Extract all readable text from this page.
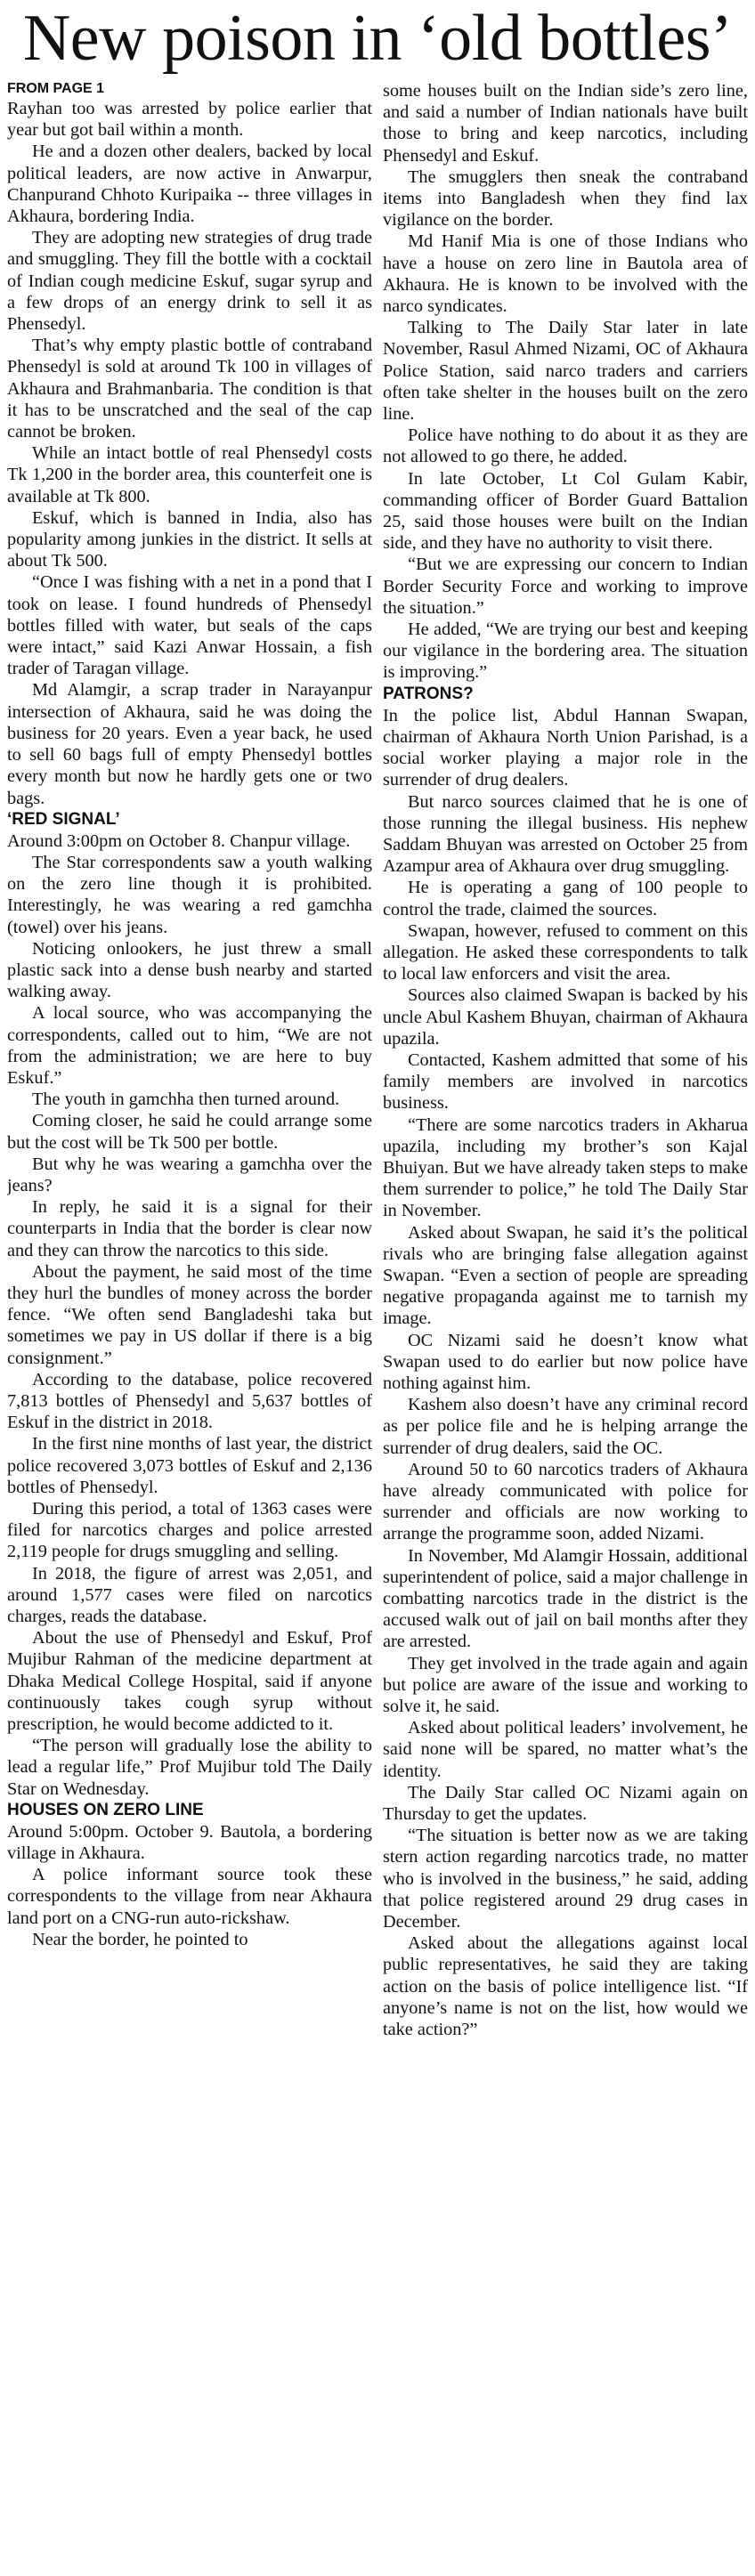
New poison in ‘old bottles’
FROM PAGE 1

Rayhan too was arrested by police earlier that year but got bail within a month.

He and a dozen other dealers, backed by local political leaders, are now active in Anwarpur, Chanpurand Chhoto Kuripaika -- three villages in Akhaura, bordering India.

They are adopting new strategies of drug trade and smuggling. They fill the bottle with a cocktail of Indian cough medicine Eskuf, sugar syrup and a few drops of an energy drink to sell it as Phensedyl.

That’s why empty plastic bottle of contraband Phensedyl is sold at around Tk 100 in villages of Akhaura and Brahmanbaria. The condition is that it has to be unscratched and the seal of the cap cannot be broken.

While an intact bottle of real Phensedyl costs Tk 1,200 in the border area, this counterfeit one is available at Tk 800.

Eskuf, which is banned in India, also has popularity among junkies in the district. It sells at about Tk 500.

“Once I was fishing with a net in a pond that I took on lease. I found hundreds of Phensedyl bottles filled with water, but seals of the caps were intact,” said Kazi Anwar Hossain, a fish trader of Taragan village.

Md Alamgir, a scrap trader in Narayanpur intersection of Akhaura, said he was doing the business for 20 years. Even a year back, he used to sell 60 bags full of empty Phensedyl bottles every month but now he hardly gets one or two bags.

‘RED SIGNAL’

Around 3:00pm on October 8. Chanpur village.

The Star correspondents saw a youth walking on the zero line though it is prohibited. Interestingly, he was wearing a red gamchha (towel) over his jeans.

Noticing onlookers, he just threw a small plastic sack into a dense bush nearby and started walking away.

A local source, who was accompanying the correspondents, called out to him, “We are not from the administration; we are here to buy Eskuf.”

The youth in gamchha then turned around.

Coming closer, he said he could arrange some but the cost will be Tk 500 per bottle.

But why he was wearing a gamchha over the jeans?

In reply, he said it is a signal for their counterparts in India that the border is clear now and they can throw the narcotics to this side.

About the payment, he said most of the time they hurl the bundles of money across the border fence. “We often send Bangladeshi taka but sometimes we pay in US dollar if there is a big consignment.”

According to the database, police recovered 7,813 bottles of Phensedyl and 5,637 bottles of Eskuf in the district in 2018.

In the first nine months of last year, the district police recovered 3,073 bottles of Eskuf and 2,136 bottles of Phensedyl.

During this period, a total of 1363 cases were filed for narcotics charges and police arrested 2,119 people for drugs smuggling and selling.

In 2018, the figure of arrest was 2,051, and around 1,577 cases were filed on narcotics charges, reads the database.

About the use of Phensedyl and Eskuf, Prof Mujibur Rahman of the medicine department at Dhaka Medical College Hospital, said if anyone continuously takes cough syrup without prescription, he would become addicted to it.

“The person will gradually lose the ability to lead a regular life,” Prof Mujibur told The Daily Star on Wednesday.

HOUSES ON ZERO LINE

Around 5:00pm. October 9. Bautola, a bordering village in Akhaura.

A police informant source took these correspondents to the village from near Akhaura land port on a CNG-run auto-rickshaw.

Near the border, he pointed to

some houses built on the Indian side’s zero line, and said a number of Indian nationals have built those to bring and keep narcotics, including Phensedyl and Eskuf.

The smugglers then sneak the contraband items into Bangladesh when they find lax vigilance on the border.

Md Hanif Mia is one of those Indians who have a house on zero line in Bautola area of Akhaura. He is known to be involved with the narco syndicates.

Talking to The Daily Star later in late November, Rasul Ahmed Nizami, OC of Akhaura Police Station, said narco traders and carriers often take shelter in the houses built on the zero line.

Police have nothing to do about it as they are not allowed to go there, he added.

In late October, Lt Col Gulam Kabir, commanding officer of Border Guard Battalion 25, said those houses were built on the Indian side, and they have no authority to visit there.

“But we are expressing our concern to Indian Border Security Force and working to improve the situation.”

He added, “We are trying our best and keeping our vigilance in the bordering area. The situation is improving.”

PATRONS?

In the police list, Abdul Hannan Swapan, chairman of Akhaura North Union Parishad, is a social worker playing a major role in the surrender of drug dealers.

But narco sources claimed that he is one of those running the illegal business. His nephew Saddam Bhuyan was arrested on October 25 from Azampur area of Akhaura over drug smuggling.

He is operating a gang of 100 people to control the trade, claimed the sources.

Swapan, however, refused to comment on this allegation. He asked these correspondents to talk to local law enforcers and visit the area.

Sources also claimed Swapan is backed by his uncle Abul Kashem Bhuyan, chairman of Akhaura upazila.

Contacted, Kashem admitted that some of his family members are involved in narcotics business.

“There are some narcotics traders in Akharua upazila, including my brother’s son Kajal Bhuiyan. But we have already taken steps to make them surrender to police,” he told The Daily Star in November.

Asked about Swapan, he said it’s the political rivals who are bringing false allegation against Swapan. “Even a section of people are spreading negative propaganda against me to tarnish my image.

OC Nizami said he doesn’t know what Swapan used to do earlier but now police have nothing against him.

Kashem also doesn’t have any criminal record as per police file and he is helping arrange the surrender of drug dealers, said the OC.

Around 50 to 60 narcotics traders of Akhaura have already communicated with police for surrender and officials are now working to arrange the programme soon, added Nizami.

In November, Md Alamgir Hossain, additional superintendent of police, said a major challenge in combatting narcotics trade in the district is the accused walk out of jail on bail months after they are arrested.

They get involved in the trade again and again but police are aware of the issue and working to solve it, he said.

Asked about political leaders’ involvement, he said none will be spared, no matter what’s the identity.

The Daily Star called OC Nizami again on Thursday to get the updates.

“The situation is better now as we are taking stern action regarding narcotics trade, no matter who is involved in the business,” he said, adding that police registered around 29 drug cases in December.

Asked about the allegations against local public representatives, he said they are taking action on the basis of police intelligence list. “If anyone’s name is not on the list, how would we take action?”
